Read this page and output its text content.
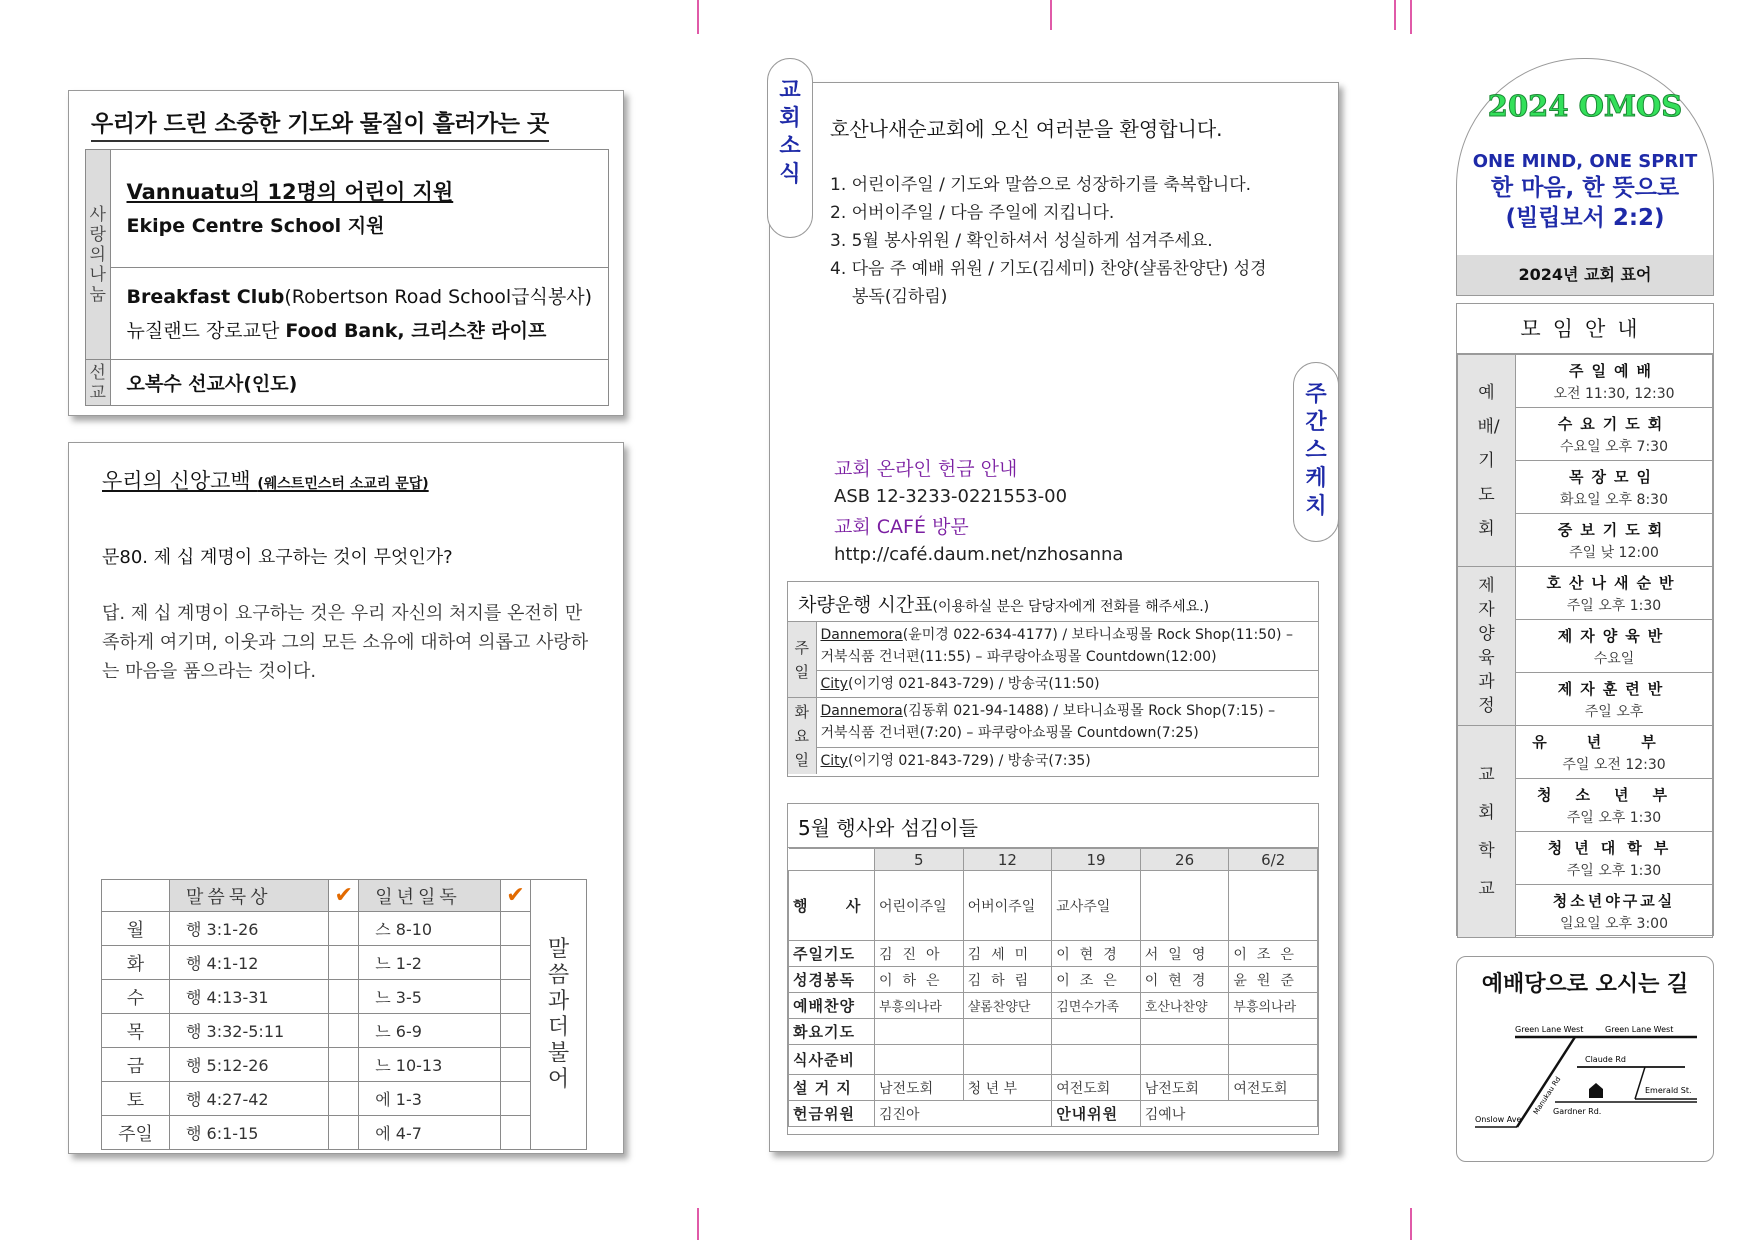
우리가 드린 소중한 기도와 물질이 흘러가는 곳
사랑의 나눔	Vannuatu의 12명의 어린이 지원
Ekipe Centre School 지원

	Breakfast Club(Robertson Road School급식봉사)
뉴질랜드 장로교단 Food Bank, 크리스챤 라이프

선 교	오복수 선교사(인도)
우리의 신앙고백 (웨스트민스터 소교리 문답)
문80. 제 십 계명이 요구하는 것이 무엇인가?
답. 제 십 계명이 요구하는 것은 우리 자신의 처지를 온전히 만족하게 여기며, 이웃과 그의 모든 소유에 대하여 의롭고 사랑하는 마음을 품으라는 것이다.
	말씀묵상	✔	일년일독	✔	말씀과더불어

월	행 3:1-26		스 8-10		
화	행 4:1-12		느 1-2		
수	행 4:13-31		느 3-5		
목	행 3:32-5:11		느 6-9		
금	행 5:12-26		느 10-13		
토	행 4:27-42		에 1-3		
주일	행 6:1-15		에 4-7		
호산나새순교회에 오신 여러분을 환영합니다.
1. 어린이주일 / 기도와 말씀으로 성장하기를 축복합니다.
2. 어버이주일 / 다음 주일에 지킵니다.
3. 5월 봉사위원 / 확인하셔서 성실하게 섬겨주세요.
4. 다음 주 예배 위원 / 기도(김세미) 찬양(샬롬찬양단) 성경봉독(김하림)
교회 온라인 헌금 안내
ASB 12-3233-0221553-00
교회 CAFÉ 방문
http://café.daum.net/nzhosanna
차량운행 시간표(이용하실 분은 담당자에게 전화를 해주세요.)
주일	Dannemora(윤미경 022-634-4177) / 보타니쇼핑몰 Rock Shop(11:50) –
거북식품 건너편(11:55) – 파쿠랑아쇼핑몰 Countdown(12:00)
	City(이기영 021-843-729) / 방송국(11:50)

화요일	Dannemora(김동휘 021-94-1488) / 보타니쇼핑몰 Rock Shop(7:15) –
거북식품 건너편(7:20) – 파쿠랑아쇼핑몰 Countdown(7:25)
	City(이기영 021-843-729) / 방송국(7:35)
5월 행사와 섬김이들
	5	12	19	26	6/2
행      사	어린이주일	어버이주일	교사주일		
주일기도	김진아	김세미	이현경	서일영	이조은
성경봉독	이하은	김하림	이조은	이현경	윤원준
예배찬양	부흥의나라	샬롬찬양단	김면수가족	호산나찬양	부흥의나라
화요기도					
식사준비					
설 거 지	남전도회	청 년 부	여전도회	남전도회	여전도회
헌금위원	김진아		안내위원	김예나	
교회소식
주간스케치
2024 OMOS
ONE MIND, ONE SPRIT
한 마음, 한 뜻으로
(빌립보서 2:2)
2024년 교회 표어
모임안내
예배/기도회	주일예배
오전 11:30, 12:30

	수요기도회
수요일 오후 7:30

	목장모임
화요일 오후 8:30

	중보기도회
주일 낮 12:00

제자양육과정	호산나새순반
주일 오후 1:30

	제자양육반
수요일

	제자훈련반
주일 오후

교회학교	유년부
주일 오전 12:30

	청소년부
주일 오후 1:30

	청년대학부
주일 오후 1:30

	청소년야구교실
일요일 오후 3:00
예배당으로 오시는 길
Green Lane West	Green Lane West
Claude Rd
Manukau Rd	Emerald St.
Gardner Rd.
Onslow Ave
